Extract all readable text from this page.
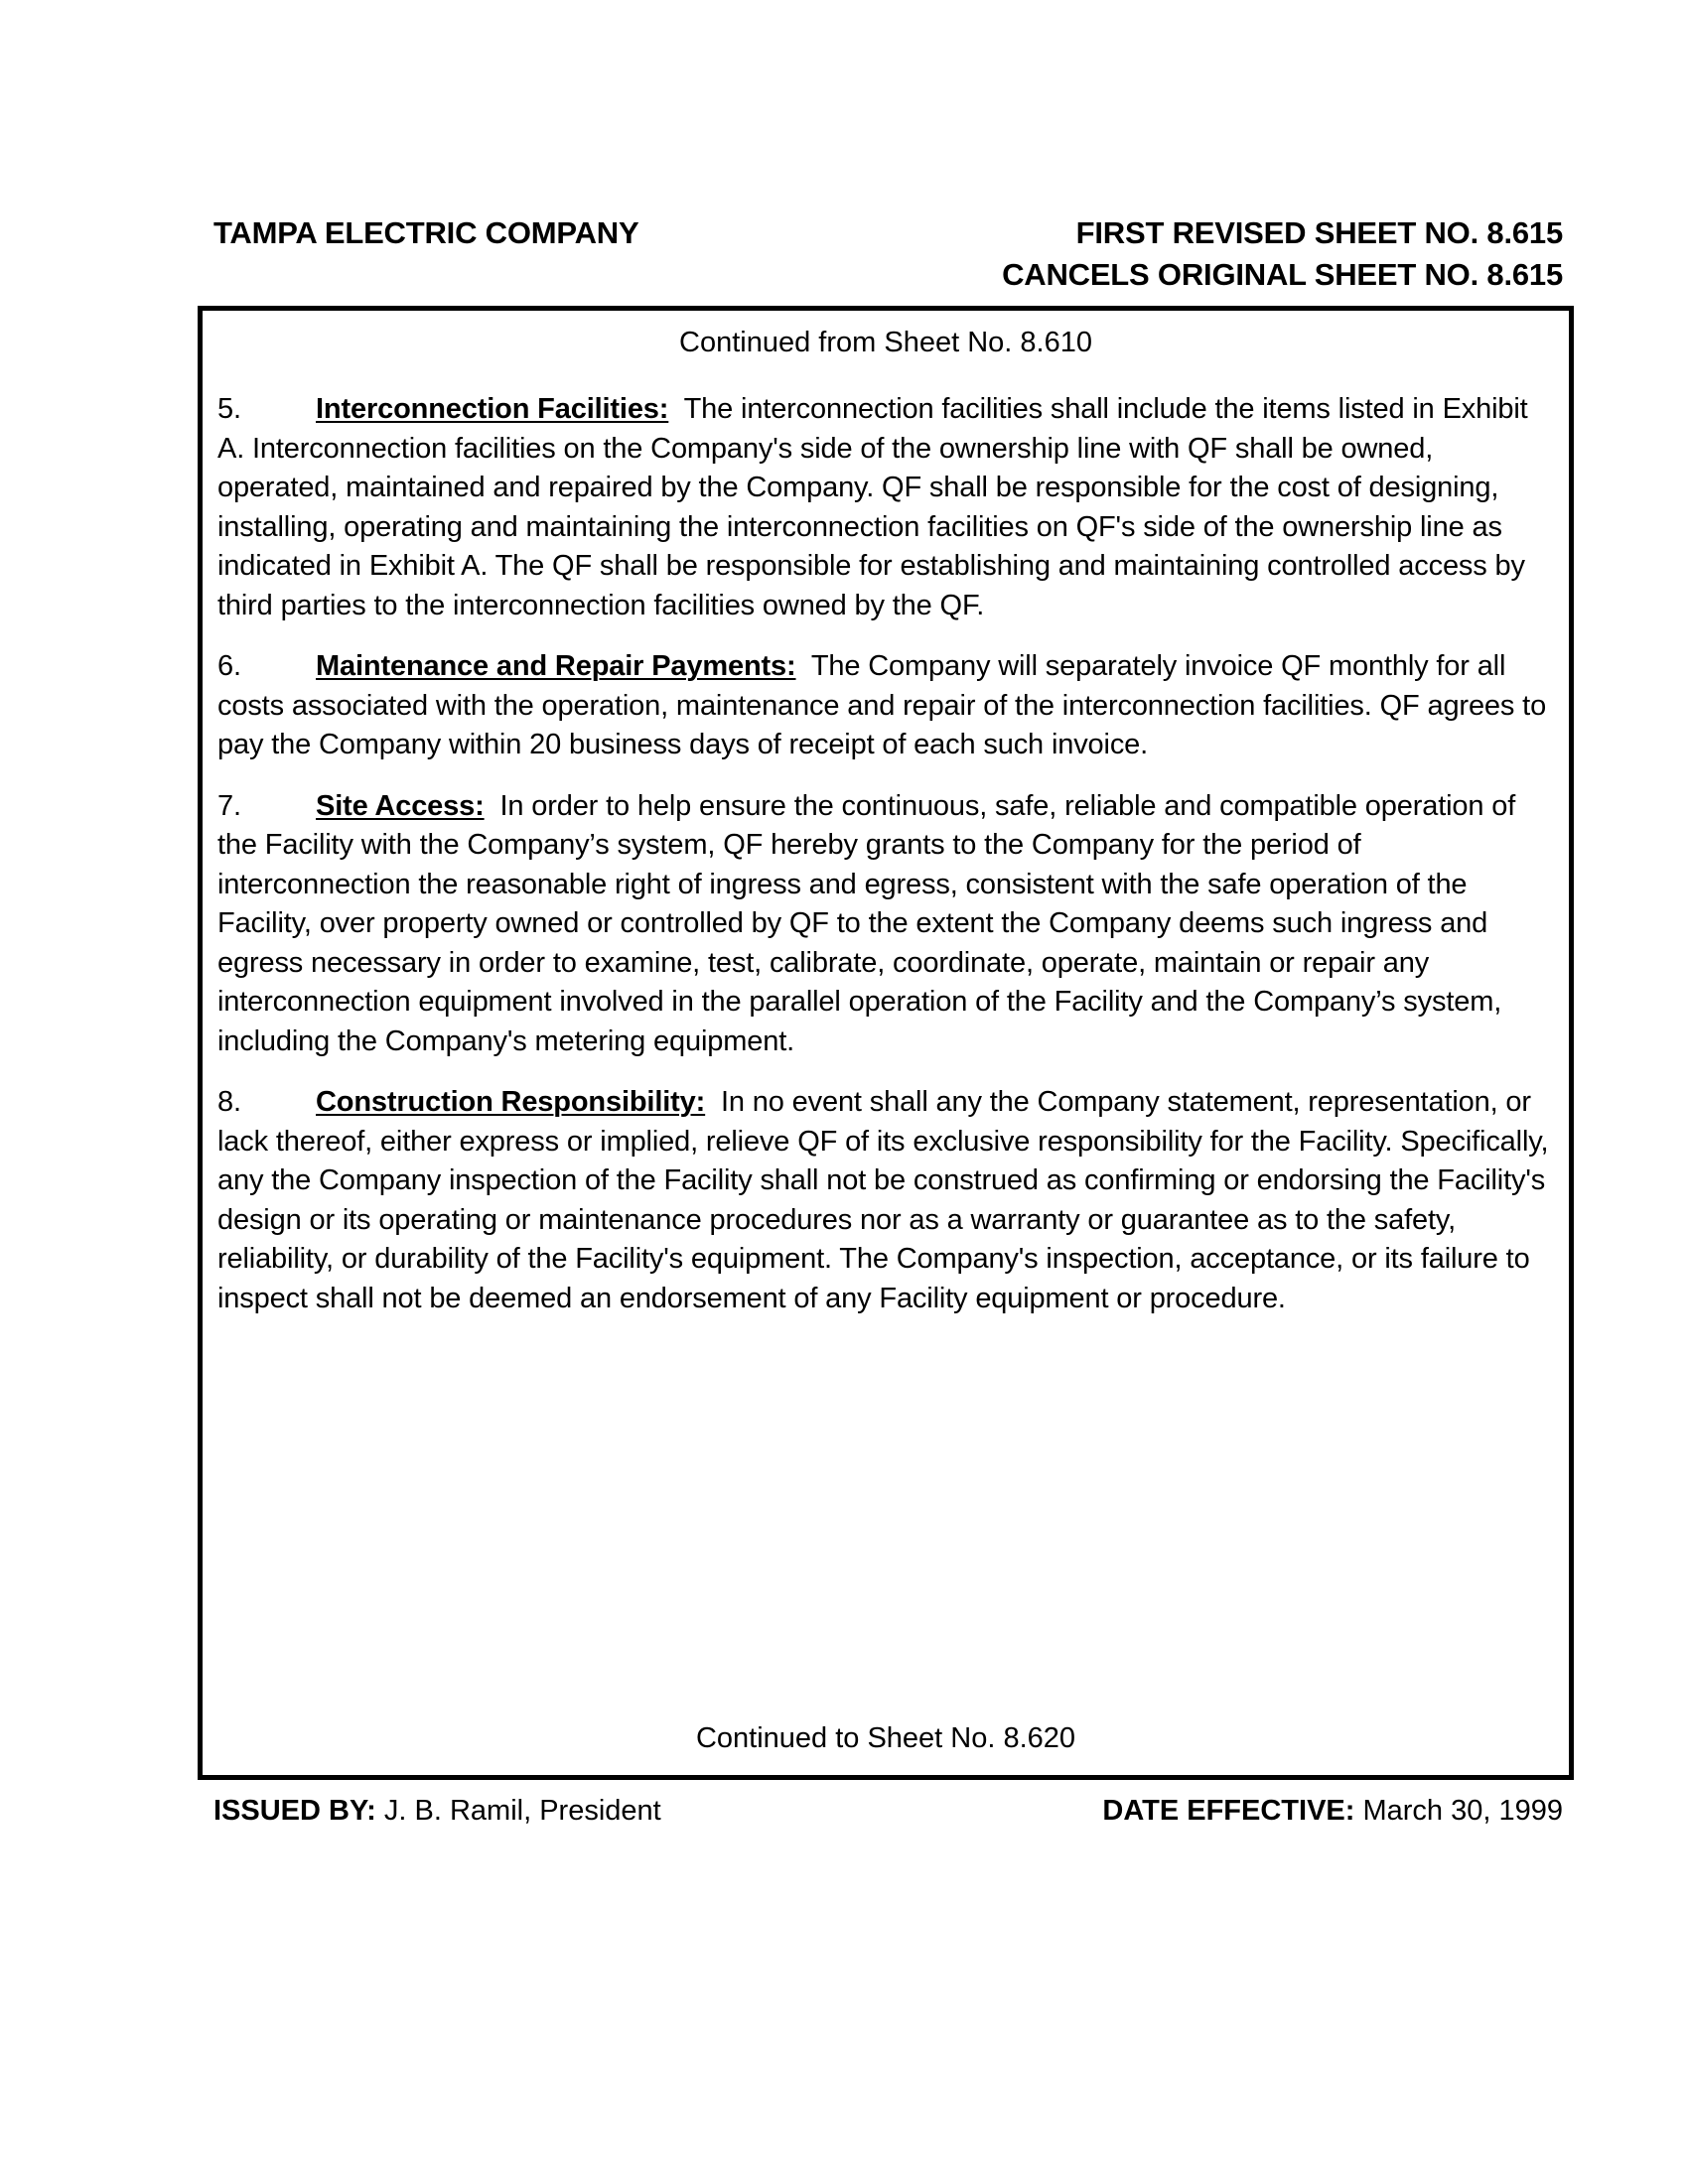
TAMPA ELECTRIC COMPANY	FIRST REVISED SHEET NO. 8.615
CANCELS ORIGINAL SHEET NO. 8.615
Continued from Sheet No. 8.610

5.	Interconnection Facilities: The interconnection facilities shall include the items listed in Exhibit A. Interconnection facilities on the Company's side of the ownership line with QF shall be owned, operated, maintained and repaired by the Company. QF shall be responsible for the cost of designing, installing, operating and maintaining the interconnection facilities on QF's side of the ownership line as indicated in Exhibit A. The QF shall be responsible for establishing and maintaining controlled access by third parties to the interconnection facilities owned by the QF.

6.	Maintenance and Repair Payments: The Company will separately invoice QF monthly for all costs associated with the operation, maintenance and repair of the interconnection facilities. QF agrees to pay the Company within 20 business days of receipt of each such invoice.

7.	Site Access: In order to help ensure the continuous, safe, reliable and compatible operation of the Facility with the Company’s system, QF hereby grants to the Company for the period of interconnection the reasonable right of ingress and egress, consistent with the safe operation of the Facility, over property owned or controlled by QF to the extent the Company deems such ingress and egress necessary in order to examine, test, calibrate, coordinate, operate, maintain or repair any interconnection equipment involved in the parallel operation of the Facility and the Company’s system, including the Company's metering equipment.

8.	Construction Responsibility: In no event shall any the Company statement, representation, or lack thereof, either express or implied, relieve QF of its exclusive responsibility for the Facility. Specifically, any the Company inspection of the Facility shall not be construed as confirming or endorsing the Facility's design or its operating or maintenance procedures nor as a warranty or guarantee as to the safety, reliability, or durability of the Facility's equipment. The Company's inspection, acceptance, or its failure to inspect shall not be deemed an endorsement of any Facility equipment or procedure.

Continued to Sheet No. 8.620
ISSUED BY: J. B. Ramil, President	DATE EFFECTIVE: March 30, 1999
